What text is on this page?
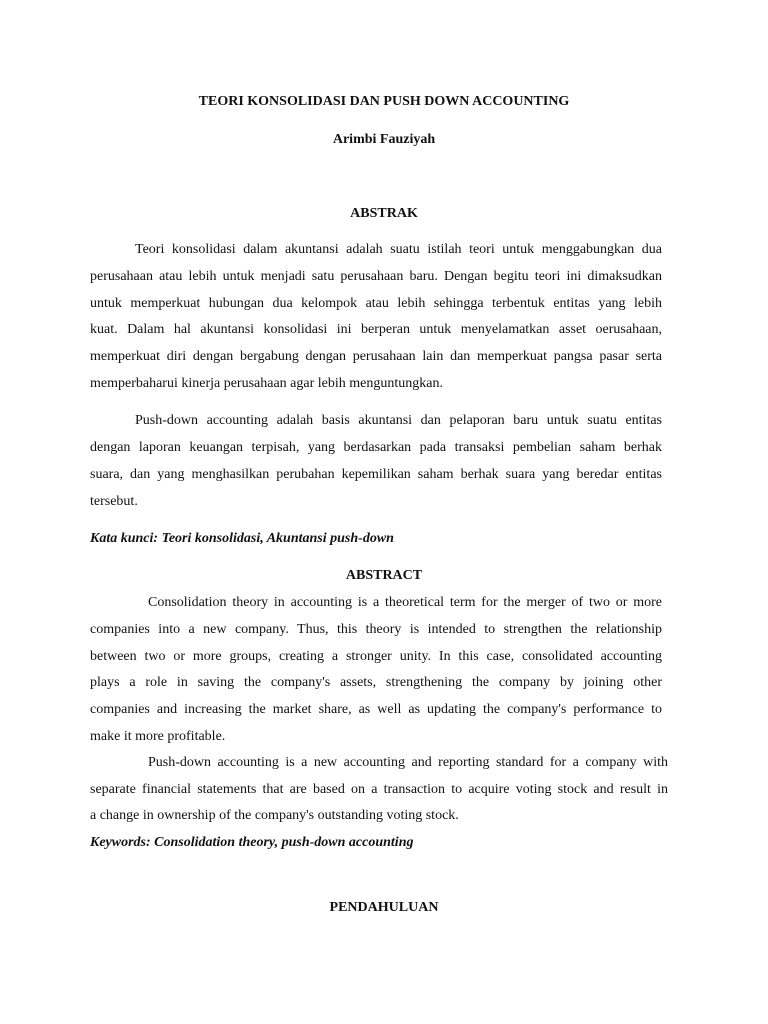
TEORI KONSOLIDASI DAN PUSH DOWN ACCOUNTING
Arimbi Fauziyah
ABSTRAK
Teori konsolidasi dalam akuntansi adalah suatu istilah teori untuk menggabungkan dua
perusahaan atau lebih untuk menjadi satu perusahaan baru. Dengan begitu teori ini dimaksudkan
untuk memperkuat hubungan dua kelompok atau lebih sehingga terbentuk entitas yang lebih
kuat. Dalam hal akuntansi konsolidasi ini berperan untuk menyelamatkan asset oerusahaan,
memperkuat diri dengan bergabung dengan perusahaan lain dan memperkuat pangsa pasar serta
memperbaharui kinerja perusahaan agar lebih menguntungkan.
Push-down accounting adalah basis akuntansi dan pelaporan baru untuk suatu entitas
dengan laporan keuangan terpisah, yang berdasarkan pada transaksi pembelian saham berhak
suara, dan yang menghasilkan perubahan kepemilikan saham berhak suara yang beredar entitas
tersebut.
Kata kunci: Teori konsolidasi, Akuntansi push-down
ABSTRACT
Consolidation theory in accounting is a theoretical term for the merger of two or more
companies into a new company. Thus, this theory is intended to strengthen the relationship
between two or more groups, creating a stronger unity. In this case, consolidated accounting
plays a role in saving the company's assets, strengthening the company by joining other
companies and increasing the market share, as well as updating the company's performance to
make it more profitable.
Push-down accounting is a new accounting and reporting standard for a company with
separate financial statements that are based on a transaction to acquire voting stock and result in
a change in ownership of the company's outstanding voting stock.
Keywords: Consolidation theory, push-down accounting
PENDAHULUAN
